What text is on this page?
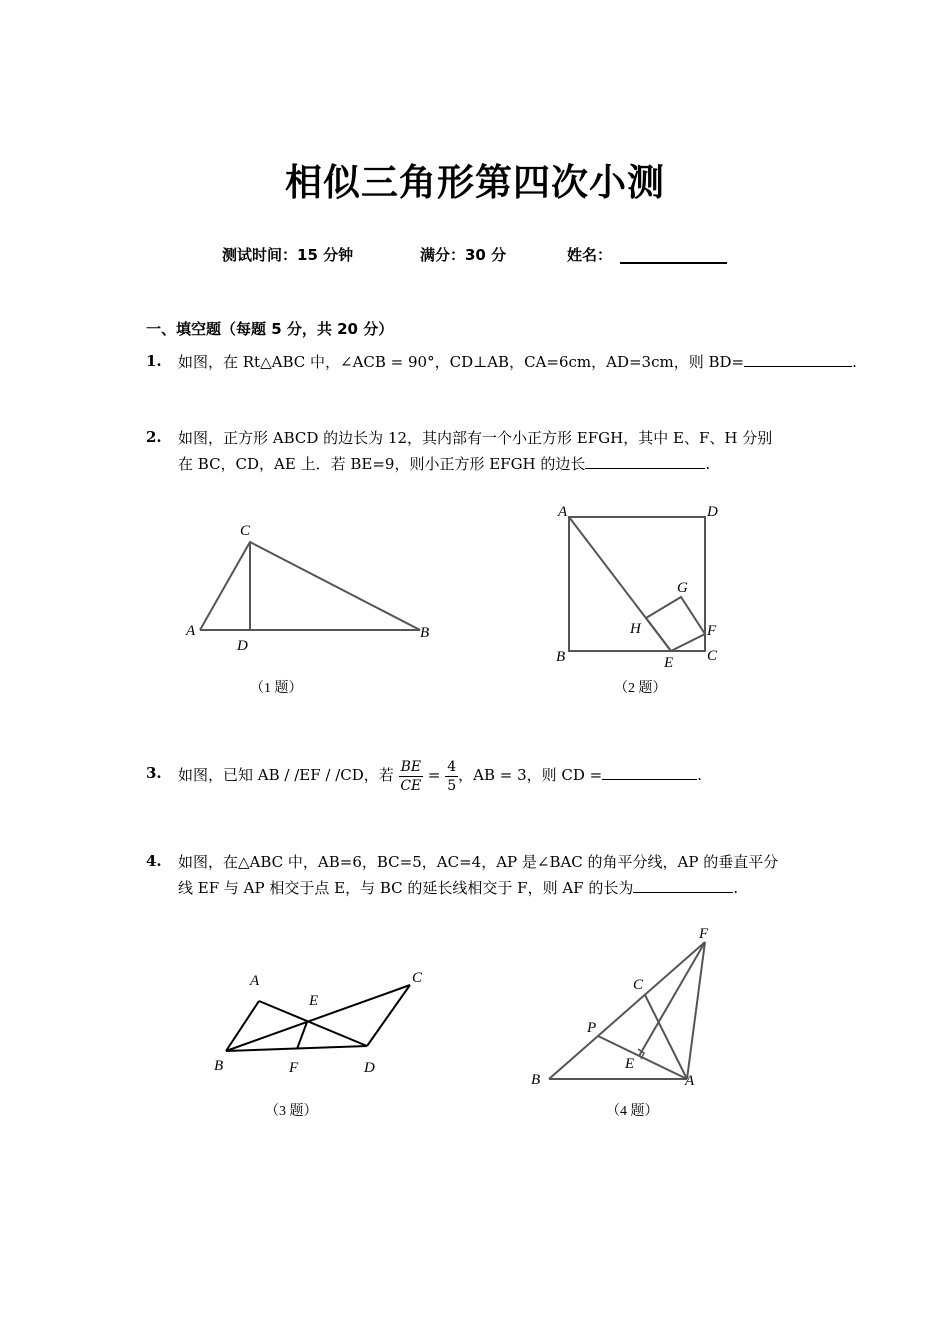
相似三角形第四次小测
测试时间：15 分钟	满分：30 分	姓名：
一、填空题（每题 5 分，共 20 分）
1. 如图，在 Rt△ABC 中，∠ACB = 90°，CD⊥AB，CA=6cm，AD=3cm，则 BD=	.
2. 如图，正方形 ABCD 的边长为 12，其内部有一个小正方形 EFGH，其中 E、F、H 分别
在 BC，CD，AE 上．若 BE=9，则小正方形 EFGH 的边长	.
C
A
D
B
（1 题）
A	D
B	C
E
F
G
H
（2 题）
3. 如图，已知 AB / /EF / /CD，若 $\frac{BE}{CE} = \frac{4}{5}$ ，AB = 3，则 CD =	.
4. 如图，在△ABC 中，AB=6，BC=5，AC=4，AP 是∠BAC 的角平分线，AP 的垂直平分
线 EF 与 AP 相交于点 E，与 BC 的延长线相交于 F，则 AF 的长为	.
A	C
E
B	F	D
（3 题）
F
C
P
E
B	A
（4 题）
